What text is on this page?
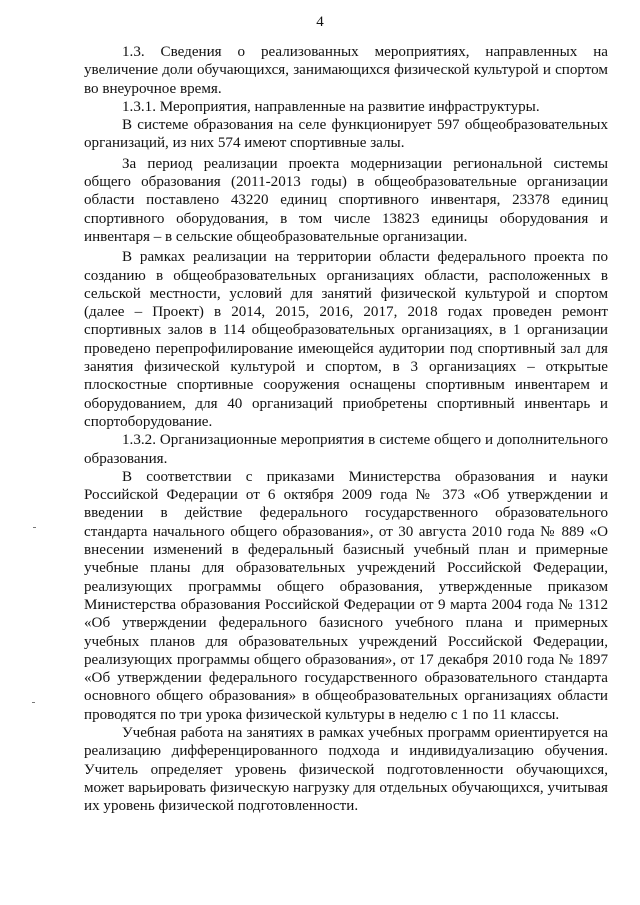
4

1.3. Сведения о реализованных мероприятиях, направленных на увеличение доли обучающихся, занимающихся физической культурой и спортом во внеурочное время.

1.3.1. Мероприятия, направленные на развитие инфраструктуры.

В системе образования на селе функционирует 597 общеобразовательных организаций, из них 574 имеют спортивные залы.

За период реализации проекта модернизации региональной системы общего образования (2011-2013 годы) в общеобразовательные организации области поставлено 43220 единиц спортивного инвентаря, 23378 единиц спортивного оборудования, в том числе 13823 единицы оборудования и инвентаря – в сельские общеобразовательные организации.

В рамках реализации на территории области федерального проекта по созданию в общеобразовательных организациях области, расположенных в сельской местности, условий для занятий физической культурой и спортом (далее – Проект) в 2014, 2015, 2016, 2017, 2018 годах проведен ремонт спортивных залов в 114 общеобразовательных организациях, в 1 организации проведено перепрофилирование имеющейся аудитории под спортивный зал для занятия физической культурой и спортом, в 3 организациях – открытые плоскостные спортивные сооружения оснащены спортивным инвентарем и оборудованием, для 40 организаций приобретены спортивный инвентарь и спортоборудование.

1.3.2. Организационные мероприятия в системе общего и дополнительного образования.

В соответствии с приказами Министерства образования и науки Российской Федерации от 6 октября 2009 года № 373 «Об утверждении и введении в действие федерального государственного образовательного стандарта начального общего образования», от 30 августа 2010 года № 889 «О внесении изменений в федеральный базисный учебный план и примерные учебные планы для образовательных учреждений Российской Федерации, реализующих программы общего образования, утвержденные приказом Министерства образования Российской Федерации от 9 марта 2004 года № 1312 «Об утверждении федерального базисного учебного плана и примерных учебных планов для образовательных учреждений Российской Федерации, реализующих программы общего образования», от 17 декабря 2010 года № 1897 «Об утверждении федерального государственного образовательного стандарта основного общего образования» в общеобразовательных организациях области проводятся по три урока физической культуры в неделю с 1 по 11 классы.

Учебная работа на занятиях в рамках учебных программ ориентируется на реализацию дифференцированного подхода и индивидуализацию обучения. Учитель определяет уровень физической подготовленности обучающихся, может варьировать физическую нагрузку для отдельных обучающихся, учитывая их уровень физической подготовленности.
